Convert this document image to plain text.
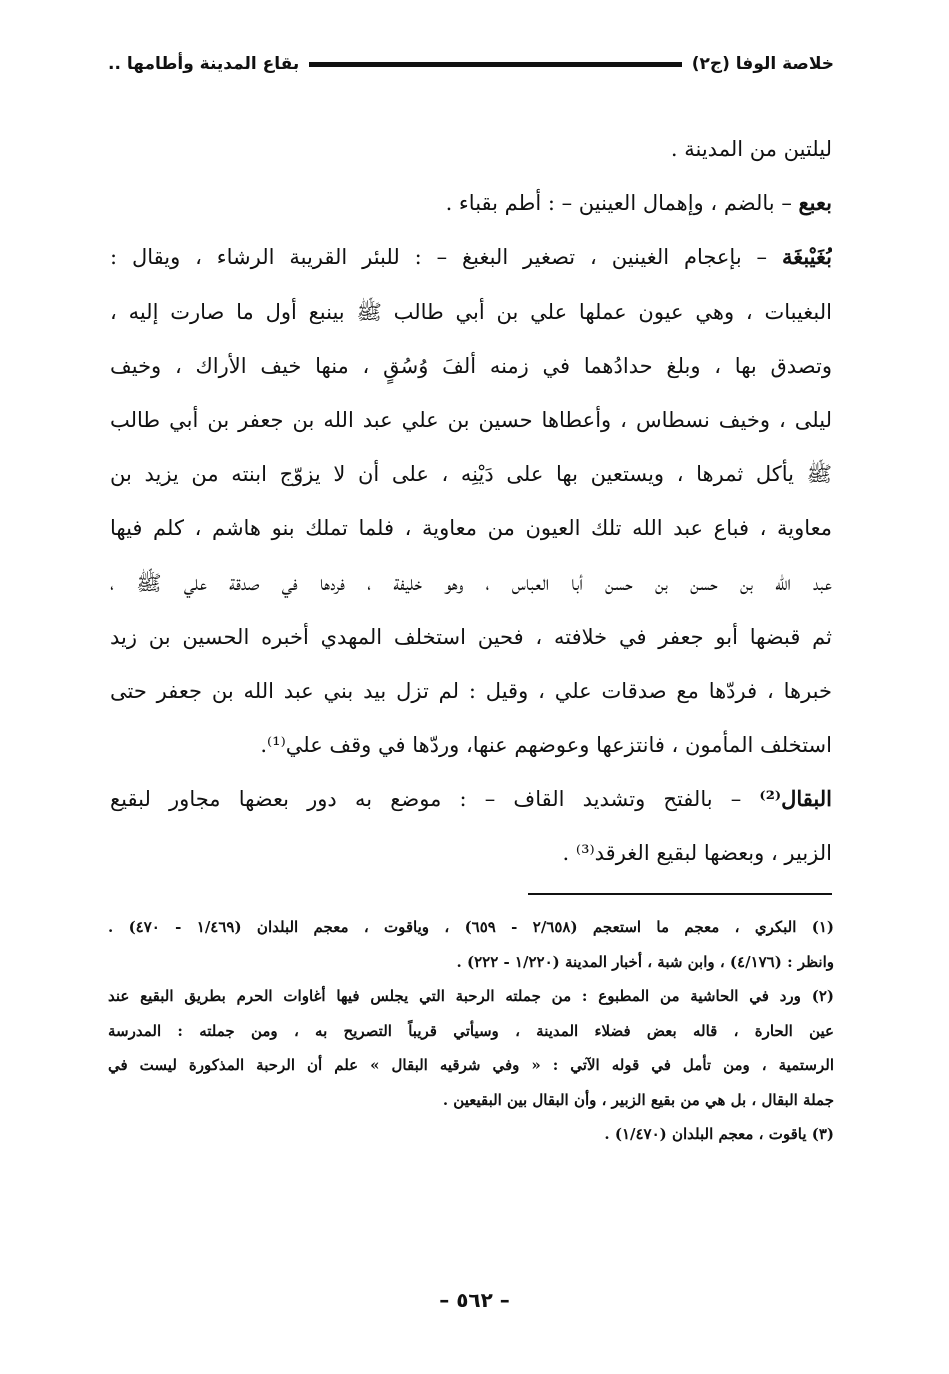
خلاصة الوفا (ج٢)
بقاع المدينة وأطامها ..
ليلتين من المدينة .
بعبع – بالضم ، وإهمال العينين – : أطم بقباء .
بُغَيْبغَة – بإعجام الغينين ، تصغير البغبغ – : للبئر القريبة الرشاء ، ويقال :
البغيبات ، وهي عيون عملها علي بن أبي طالب ﷺ بينبع أول ما صارت إليه ،
وتصدق بها ، وبلغ حدادُهما في زمنه ألفَ وُسُقٍ ، منها خيف الأراك ، وخيف
ليلى ، وخيف نسطاس ، وأعطاها حسين بن علي عبد الله بن جعفر بن أبي طالب
ﷺ يأكل ثمرها ، ويستعين بها على دَيْنِه ، على أن لا يزوّج ابنته من يزيد بن
معاوية ، فباع عبد الله تلك العيون من معاوية ، فلما تملك بنو هاشم ، كلم فيها
عبد الله بن حسن بن حسن أبا العباس ، وهو خليفة ، فردها في صدقة علي ﷺ ،
ثم قبضها أبو جعفر في خلافته ، فحين استخلف المهدي أخبره الحسين بن زيد
خبرها ، فردّها مع صدقات علي ، وقيل : لم تزل بيد بني عبد الله بن جعفر حتى
استخلف المأمون ، فانتزعها وعوضهم عنها، وردّها في وقف علي⁽¹⁾.
البقال⁽²⁾ – بالفتح وتشديد القاف – : موضع به دور بعضها مجاور لبقيع
الزبير ، وبعضها لبقيع الغرقد⁽³⁾ .
(١) البكري ، معجم ما استعجم (٢/٦٥٨ - ٦٥٩) ، وياقوت ، معجم البلدان (١/٤٦٩ - ٤٧٠) .
وانظر : (٤/١٧٦) ، وابن شبة ، أخبار المدينة (١/٢٢٠ - ٢٢٢) .
(٢) ورد في الحاشية من المطبوع : من جملته الرحبة التي يجلس فيها أغاوات الحرم بطريق البقيع عند
عين الحارة ، قاله بعض فضلاء المدينة ، وسيأتي قريباً التصريح به ، ومن جملته : المدرسة
الرستمية ، ومن تأمل في قوله الآتي : « وفي شرقيه البقال » علم أن الرحبة المذكورة ليست في
جملة البقال ، بل هي من بقيع الزبير ، وأن البقال بين البقيعين .
(٣) ياقوت ، معجم البلدان (١/٤٧٠) .
– ٥٦٢ –
